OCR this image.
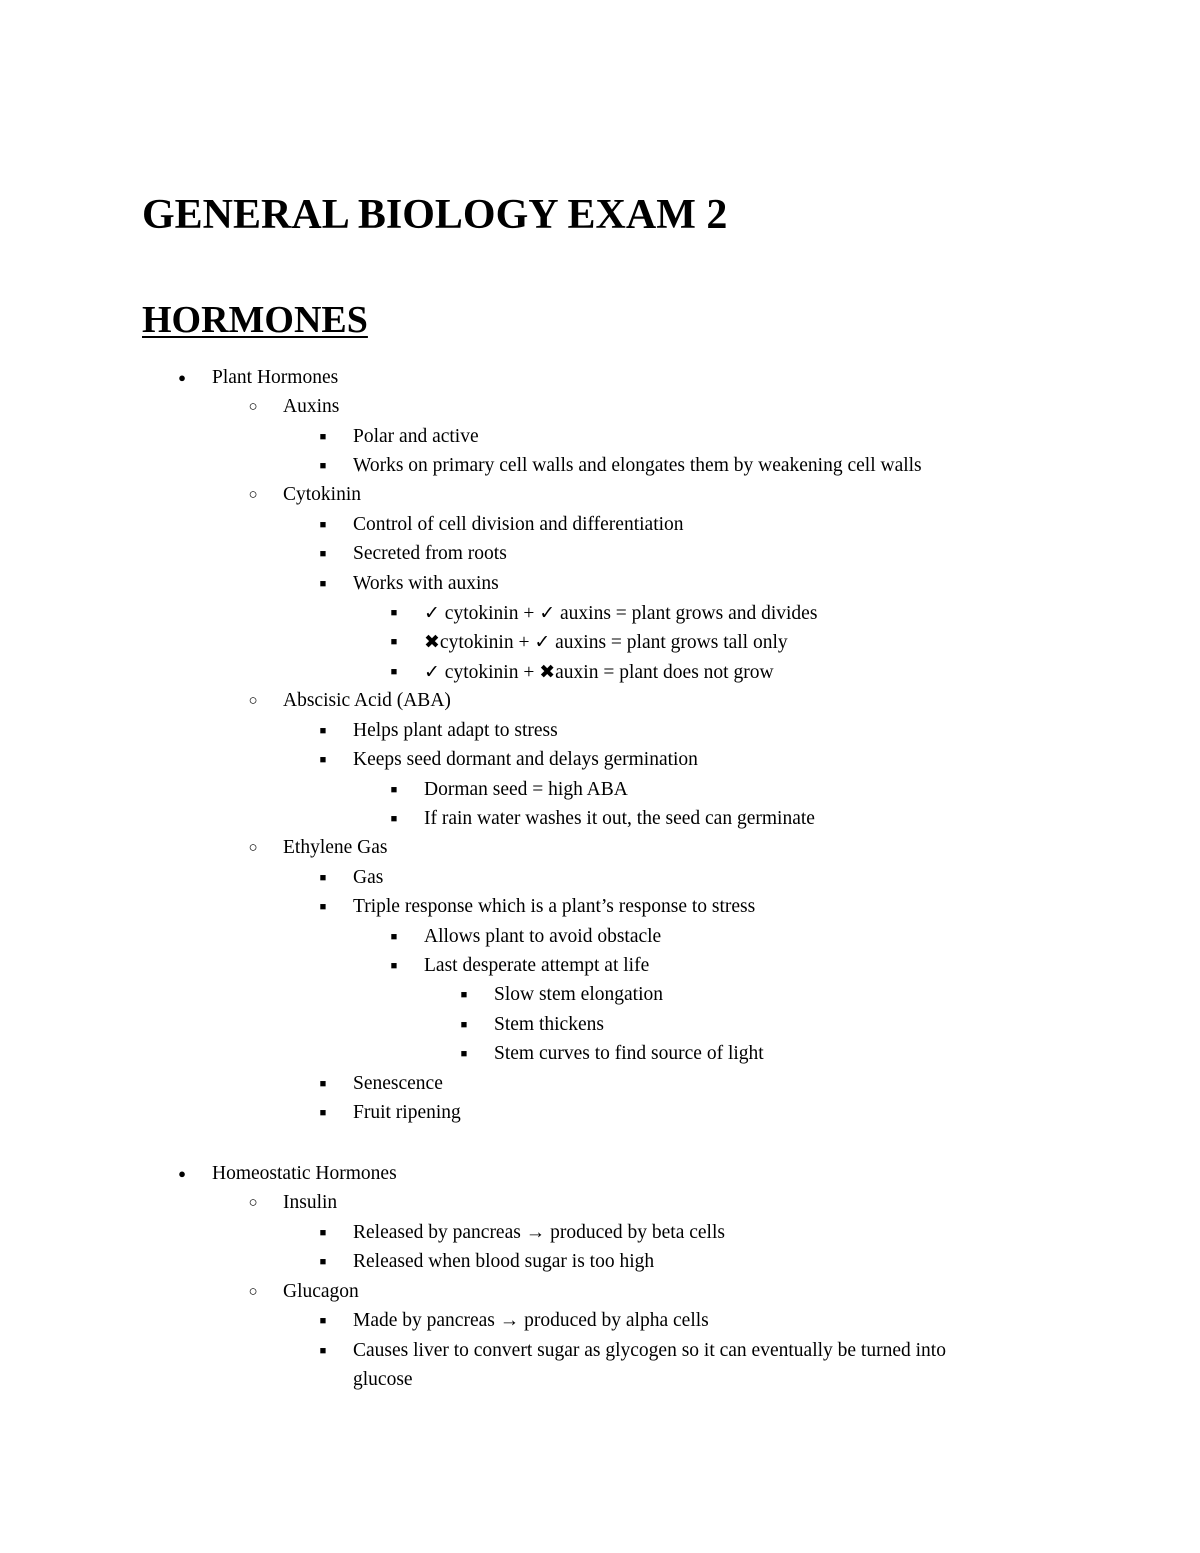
GENERAL BIOLOGY EXAM 2
HORMONES
● Plant Hormones
○ Auxins
■ Polar and active
■ Works on primary cell walls and elongates them by weakening cell walls
○ Cytokinin
■ Control of cell division and differentiation
■ Secreted from roots
■ Works with auxins
■ ✓ cytokinin + ✓ auxins = plant grows and divides
■ ✖cytokinin + ✓ auxins = plant grows tall only
■ ✓ cytokinin + ✖auxin = plant does not grow
○ Abscisic Acid (ABA)
■ Helps plant adapt to stress
■ Keeps seed dormant and delays germination
■ Dorman seed = high ABA
■ If rain water washes it out, the seed can germinate
○ Ethylene Gas
■ Gas
■ Triple response which is a plant’s response to stress
■ Allows plant to avoid obstacle
■ Last desperate attempt at life
■ Slow stem elongation
■ Stem thickens
■ Stem curves to find source of light
■ Senescence
■ Fruit ripening
● Homeostatic Hormones
○ Insulin
■ Released by pancreas → produced by beta cells
■ Released when blood sugar is too high
○ Glucagon
■ Made by pancreas → produced by alpha cells
■ Causes liver to convert sugar as glycogen so it can eventually be turned into
glucose
